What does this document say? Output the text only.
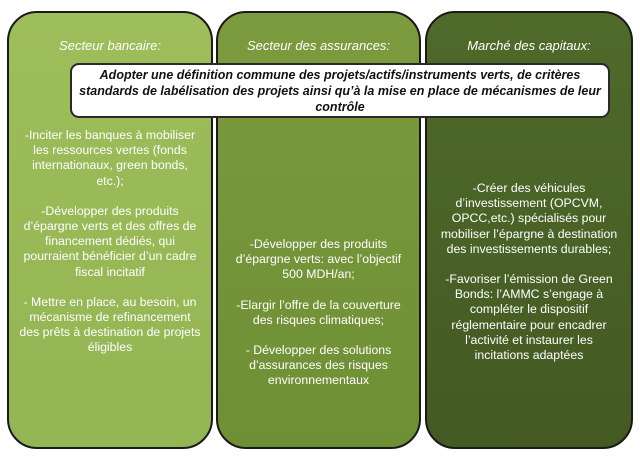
Secteur bancaire:

-Inciter les banques à mobiliser les ressources vertes (fonds internationaux, green bonds, etc.);

-Développer des produits d’épargne verts et des offres de financement dédiés, qui pourraient bénéficier d’un cadre fiscal incitatif

- Mettre en place, au besoin, un mécanisme de refinancement des prêts à destination de projets éligibles

Secteur des assurances:

-Développer des produits d’épargne verts: avec l’objectif 500 MDH/an;

-Elargir l’offre de la couverture des risques climatiques;

- Développer des solutions d’assurances des risques environnementaux

Marché des capitaux:

-Créer des véhicules d’investissement (OPCVM, OPCC,etc.) spécialisés pour mobiliser l’épargne à destination des investissements durables;

-Favoriser l’émission de Green Bonds: l’AMMC s’engage à compléter le dispositif réglementaire pour encadrer l’activité et instaurer les incitations adaptées

Adopter une définition commune des projets/actifs/instruments verts, de critères standards de labélisation des projets ainsi qu’à la mise en place de mécanismes de leur contrôle
